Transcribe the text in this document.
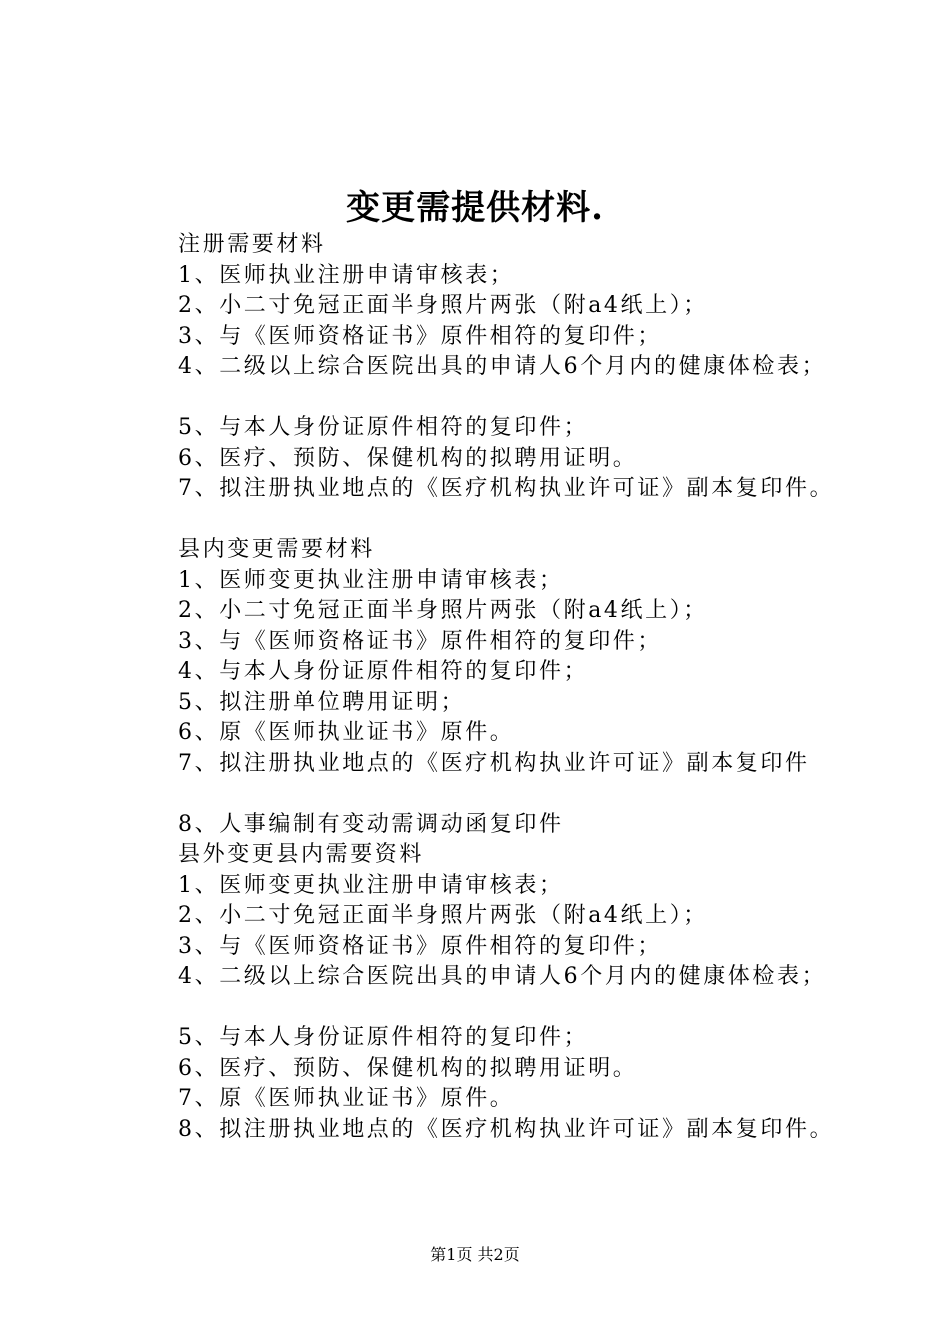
变更需提供材料.
注册需要材料
1、医师执业注册申请审核表；
2、小二寸免冠正面半身照片两张（附a4纸上）；
3、与《医师资格证书》原件相符的复印件；
4、二级以上综合医院出具的申请人6个月内的健康体检表；
5、与本人身份证原件相符的复印件；
6、医疗、预防、保健机构的拟聘用证明。
7、拟注册执业地点的《医疗机构执业许可证》副本复印件。
县内变更需要材料
1、医师变更执业注册申请审核表；
2、小二寸免冠正面半身照片两张（附a4纸上）；
3、与《医师资格证书》原件相符的复印件；
4、与本人身份证原件相符的复印件；
5、拟注册单位聘用证明；
6、原《医师执业证书》原件。
7、拟注册执业地点的《医疗机构执业许可证》副本复印件
8、人事编制有变动需调动函复印件
县外变更县内需要资料
1、医师变更执业注册申请审核表；
2、小二寸免冠正面半身照片两张（附a4纸上）；
3、与《医师资格证书》原件相符的复印件；
4、二级以上综合医院出具的申请人6个月内的健康体检表；
5、与本人身份证原件相符的复印件；
6、医疗、预防、保健机构的拟聘用证明。
7、原《医师执业证书》原件。
8、拟注册执业地点的《医疗机构执业许可证》副本复印件。
第1页 共2页
